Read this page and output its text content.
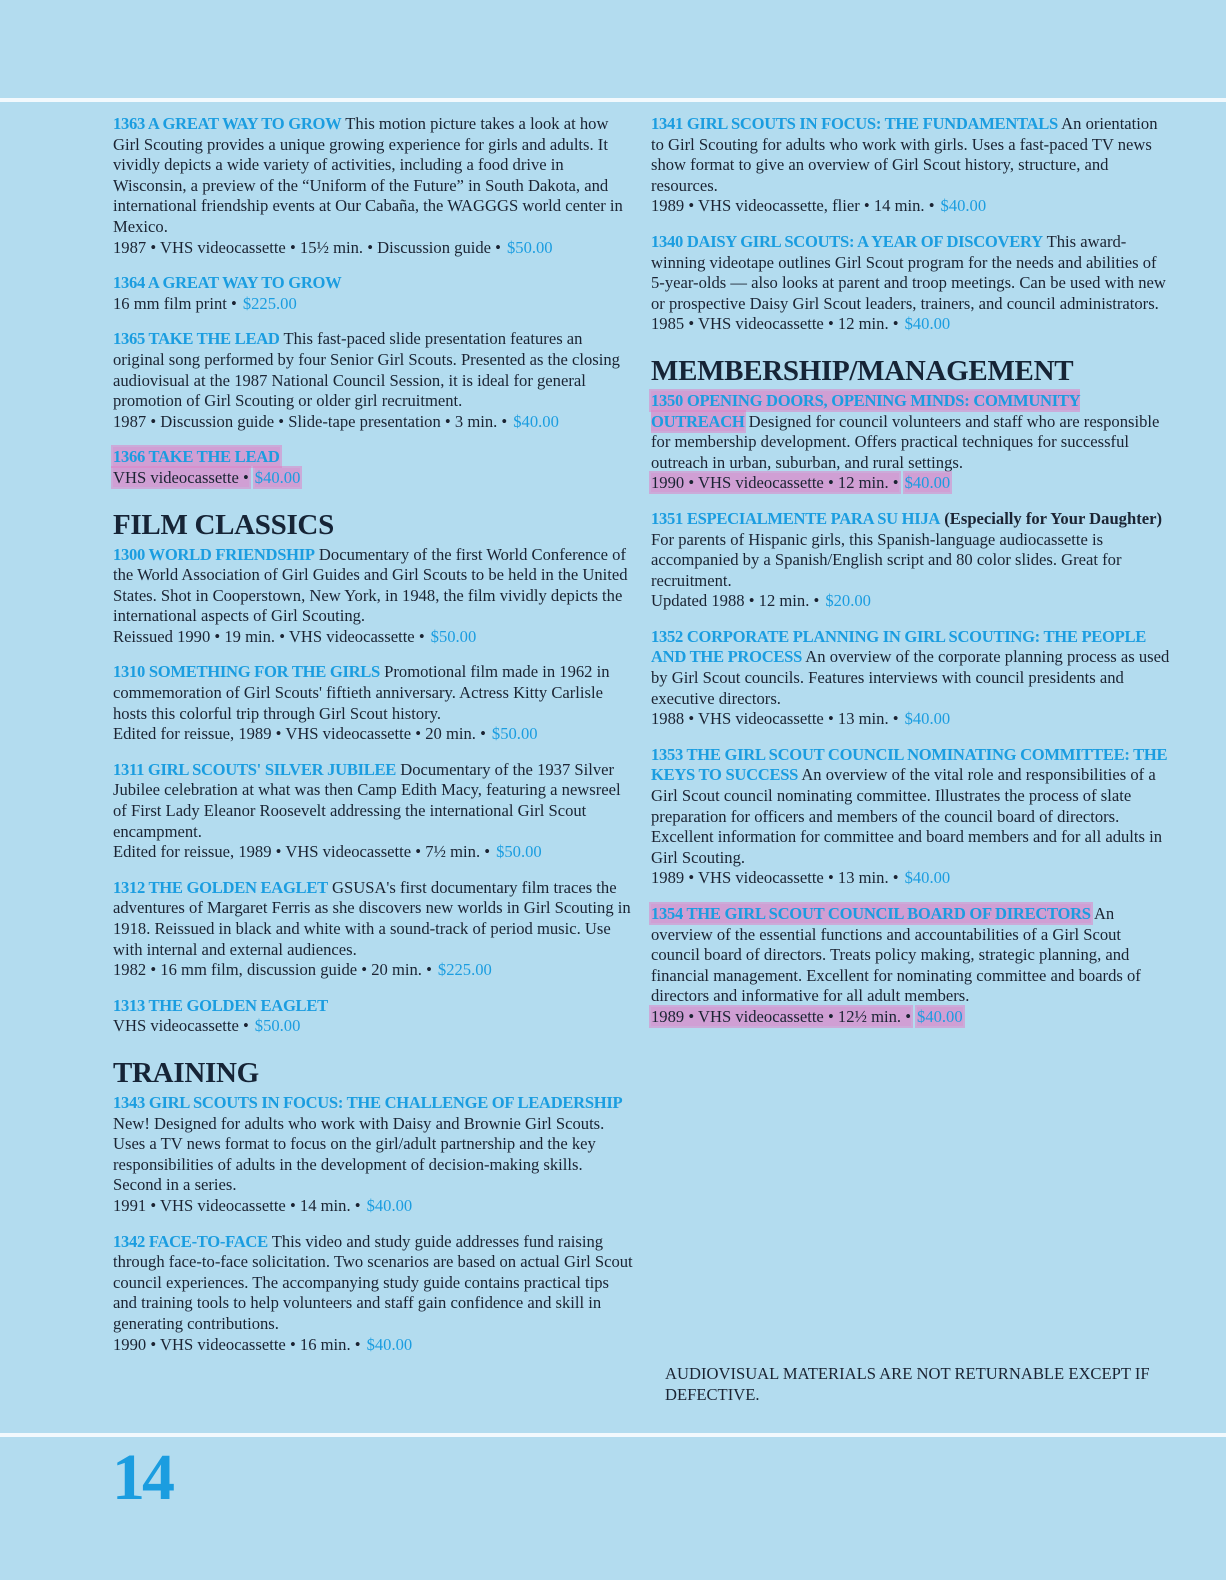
1363 A GREAT WAY TO GROW This motion picture takes a look at how Girl Scouting provides a unique growing experience for girls and adults. It vividly depicts a wide variety of activities, including a food drive in Wisconsin, a preview of the “Uniform of the Future” in South Dakota, and international friendship events at Our Cabaña, the WAGGGS world center in Mexico.
1987 • VHS videocassette • 15½ min. • Discussion guide • $50.00
1364 A GREAT WAY TO GROW
16 mm film print • $225.00
1365 TAKE THE LEAD This fast-paced slide presentation features an original song performed by four Senior Girl Scouts. Presented as the closing audiovisual at the 1987 National Council Session, it is ideal for general promotion of Girl Scouting or older girl recruitment.
1987 • Discussion guide • Slide-tape presentation • 3 min. • $40.00
1366 TAKE THE LEAD
VHS videocassette • $40.00
FILM CLASSICS
1300 WORLD FRIENDSHIP Documentary of the first World Conference of the World Association of Girl Guides and Girl Scouts to be held in the United States. Shot in Cooperstown, New York, in 1948, the film vividly depicts the international aspects of Girl Scouting.
Reissued 1990 • 19 min. • VHS videocassette • $50.00
1310 SOMETHING FOR THE GIRLS Promotional film made in 1962 in commemoration of Girl Scouts' fiftieth anniversary. Actress Kitty Carlisle hosts this colorful trip through Girl Scout history.
Edited for reissue, 1989 • VHS videocassette • 20 min. • $50.00
1311 GIRL SCOUTS' SILVER JUBILEE Documentary of the 1937 Silver Jubilee celebration at what was then Camp Edith Macy, featuring a newsreel of First Lady Eleanor Roosevelt addressing the international Girl Scout encampment.
Edited for reissue, 1989 • VHS videocassette • 7½ min. • $50.00
1312 THE GOLDEN EAGLET GSUSA's first documentary film traces the adventures of Margaret Ferris as she discovers new worlds in Girl Scouting in 1918. Reissued in black and white with a sound-track of period music. Use with internal and external audiences.
1982 • 16 mm film, discussion guide • 20 min. • $225.00
1313 THE GOLDEN EAGLET
VHS videocassette • $50.00
TRAINING
1343 GIRL SCOUTS IN FOCUS: THE CHALLENGE OF LEADERSHIP New! Designed for adults who work with Daisy and Brownie Girl Scouts. Uses a TV news format to focus on the girl/adult partnership and the key responsibilities of adults in the development of decision-making skills. Second in a series.
1991 • VHS videocassette • 14 min. • $40.00
1342 FACE-TO-FACE This video and study guide addresses fund raising through face-to-face solicitation. Two scenarios are based on actual Girl Scout council experiences. The accompanying study guide contains practical tips and training tools to help volunteers and staff gain confidence and skill in generating contributions.
1990 • VHS videocassette • 16 min. • $40.00
1341 GIRL SCOUTS IN FOCUS: THE FUNDAMENTALS An orientation to Girl Scouting for adults who work with girls. Uses a fast-paced TV news show format to give an overview of Girl Scout history, structure, and resources.
1989 • VHS videocassette, flier • 14 min. • $40.00
1340 DAISY GIRL SCOUTS: A YEAR OF DISCOVERY This award-winning videotape outlines Girl Scout program for the needs and abilities of 5-year-olds — also looks at parent and troop meetings. Can be used with new or prospective Daisy Girl Scout leaders, trainers, and council administrators.
1985 • VHS videocassette • 12 min. • $40.00
MEMBERSHIP/MANAGEMENT
1350 OPENING DOORS, OPENING MINDS: COMMUNITY OUTREACH Designed for council volunteers and staff who are responsible for membership development. Offers practical techniques for successful outreach in urban, suburban, and rural settings.
1990 • VHS videocassette • 12 min. • $40.00
1351 ESPECIALMENTE PARA SU HIJA (Especially for Your Daughter) For parents of Hispanic girls, this Spanish-language audiocassette is accompanied by a Spanish/English script and 80 color slides. Great for recruitment.
Updated 1988 • 12 min. • $20.00
1352 CORPORATE PLANNING IN GIRL SCOUTING: THE PEOPLE AND THE PROCESS An overview of the corporate planning process as used by Girl Scout councils. Features interviews with council presidents and executive directors.
1988 • VHS videocassette • 13 min. • $40.00
1353 THE GIRL SCOUT COUNCIL NOMINATING COMMITTEE: THE KEYS TO SUCCESS An overview of the vital role and responsibilities of a Girl Scout council nominating committee. Illustrates the process of slate preparation for officers and members of the council board of directors. Excellent information for committee and board members and for all adults in Girl Scouting.
1989 • VHS videocassette • 13 min. • $40.00
1354 THE GIRL SCOUT COUNCIL BOARD OF DIRECTORS An overview of the essential functions and accountabilities of a Girl Scout council board of directors. Treats policy making, strategic planning, and financial management. Excellent for nominating committee and boards of directors and informative for all adult members.
1989 • VHS videocassette • 12½ min. • $40.00
AUDIOVISUAL MATERIALS ARE NOT RETURNABLE EXCEPT IF DEFECTIVE.
14
